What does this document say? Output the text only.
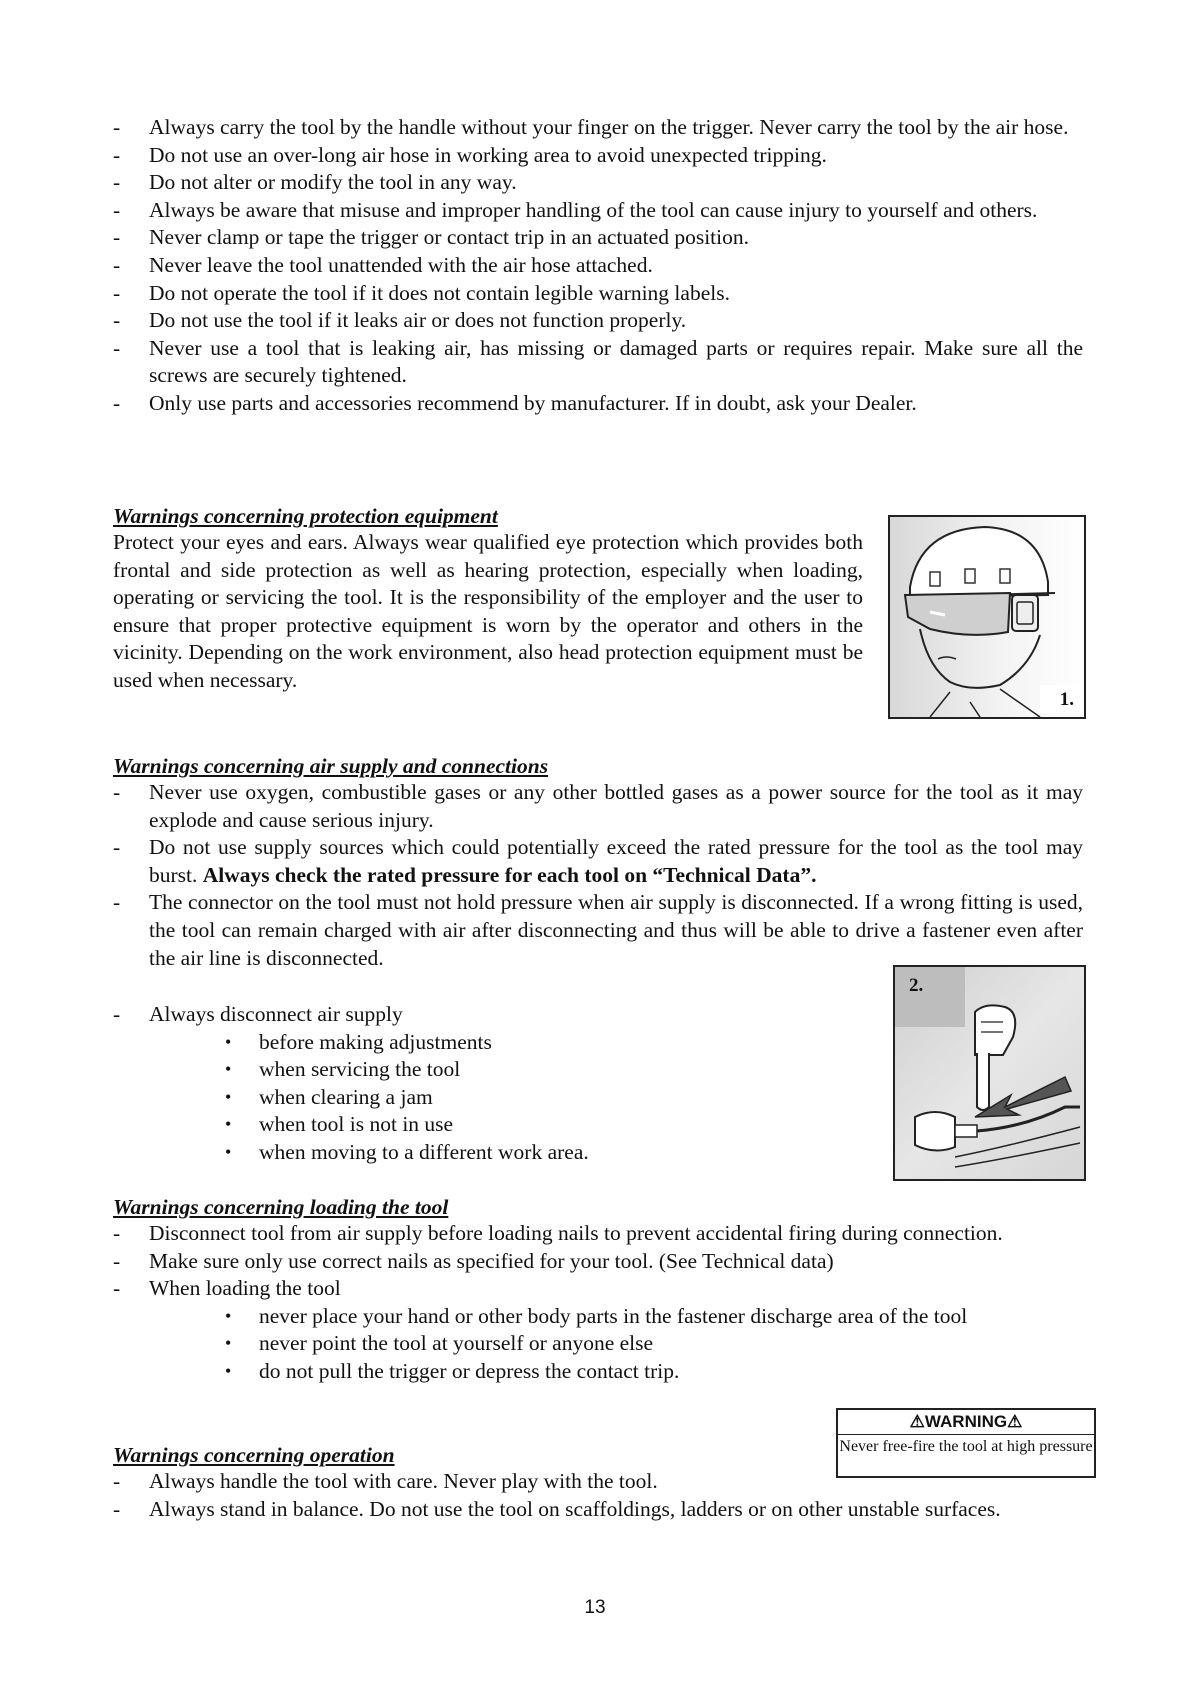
- Always carry the tool by the handle without your finger on the trigger. Never carry the tool by the air hose.
- Do not use an over-long air hose in working area to avoid unexpected tripping.
- Do not alter or modify the tool in any way.
- Always be aware that misuse and improper handling of the tool can cause injury to yourself and others.
- Never clamp or tape the trigger or contact trip in an actuated position.
- Never leave the tool unattended with the air hose attached.
- Do not operate the tool if it does not contain legible warning labels.
- Do not use the tool if it leaks air or does not function properly.
- Never use a tool that is leaking air, has missing or damaged parts or requires repair. Make sure all the screws are securely tightened.
- Only use parts and accessories recommend by manufacturer. If in doubt, ask your Dealer.
Warnings concerning protection equipment
Protect your eyes and ears. Always wear qualified eye protection which provides both frontal and side protection as well as hearing protection, especially when loading, operating or servicing the tool. It is the responsibility of the employer and the user to ensure that proper protective equipment is worn by the operator and others in the vicinity. Depending on the work environment, also head protection equipment must be used when necessary.
1.
Warnings concerning air supply and connections
- Never use oxygen, combustible gases or any other bottled gases as a power source for the tool as it may explode and cause serious injury.
- Do not use supply sources which could potentially exceed the rated pressure for the tool as the tool may burst. Always check the rated pressure for each tool on “Technical Data”.
- The connector on the tool must not hold pressure when air supply is disconnected. If a wrong fitting is used, the tool can remain charged with air after disconnecting and thus will be able to drive a fastener even after the air line is disconnected.
- Always disconnect air supply
• before making adjustments
• when servicing the tool
• when clearing a jam
• when tool is not in use
• when moving to a different work area.
2.
Warnings concerning loading the tool
- Disconnect tool from air supply before loading nails to prevent accidental firing during connection.
- Make sure only use correct nails as specified for your tool. (See Technical data)
- When loading the tool
• never place your hand or other body parts in the fastener discharge area of the tool
• never point the tool at yourself or anyone else
• do not pull the trigger or depress the contact trip.
⚠WARNING⚠
Never free-fire the tool at high pressure
Warnings concerning operation
- Always handle the tool with care. Never play with the tool.
- Always stand in balance. Do not use the tool on scaffoldings, ladders or on other unstable surfaces.
13
